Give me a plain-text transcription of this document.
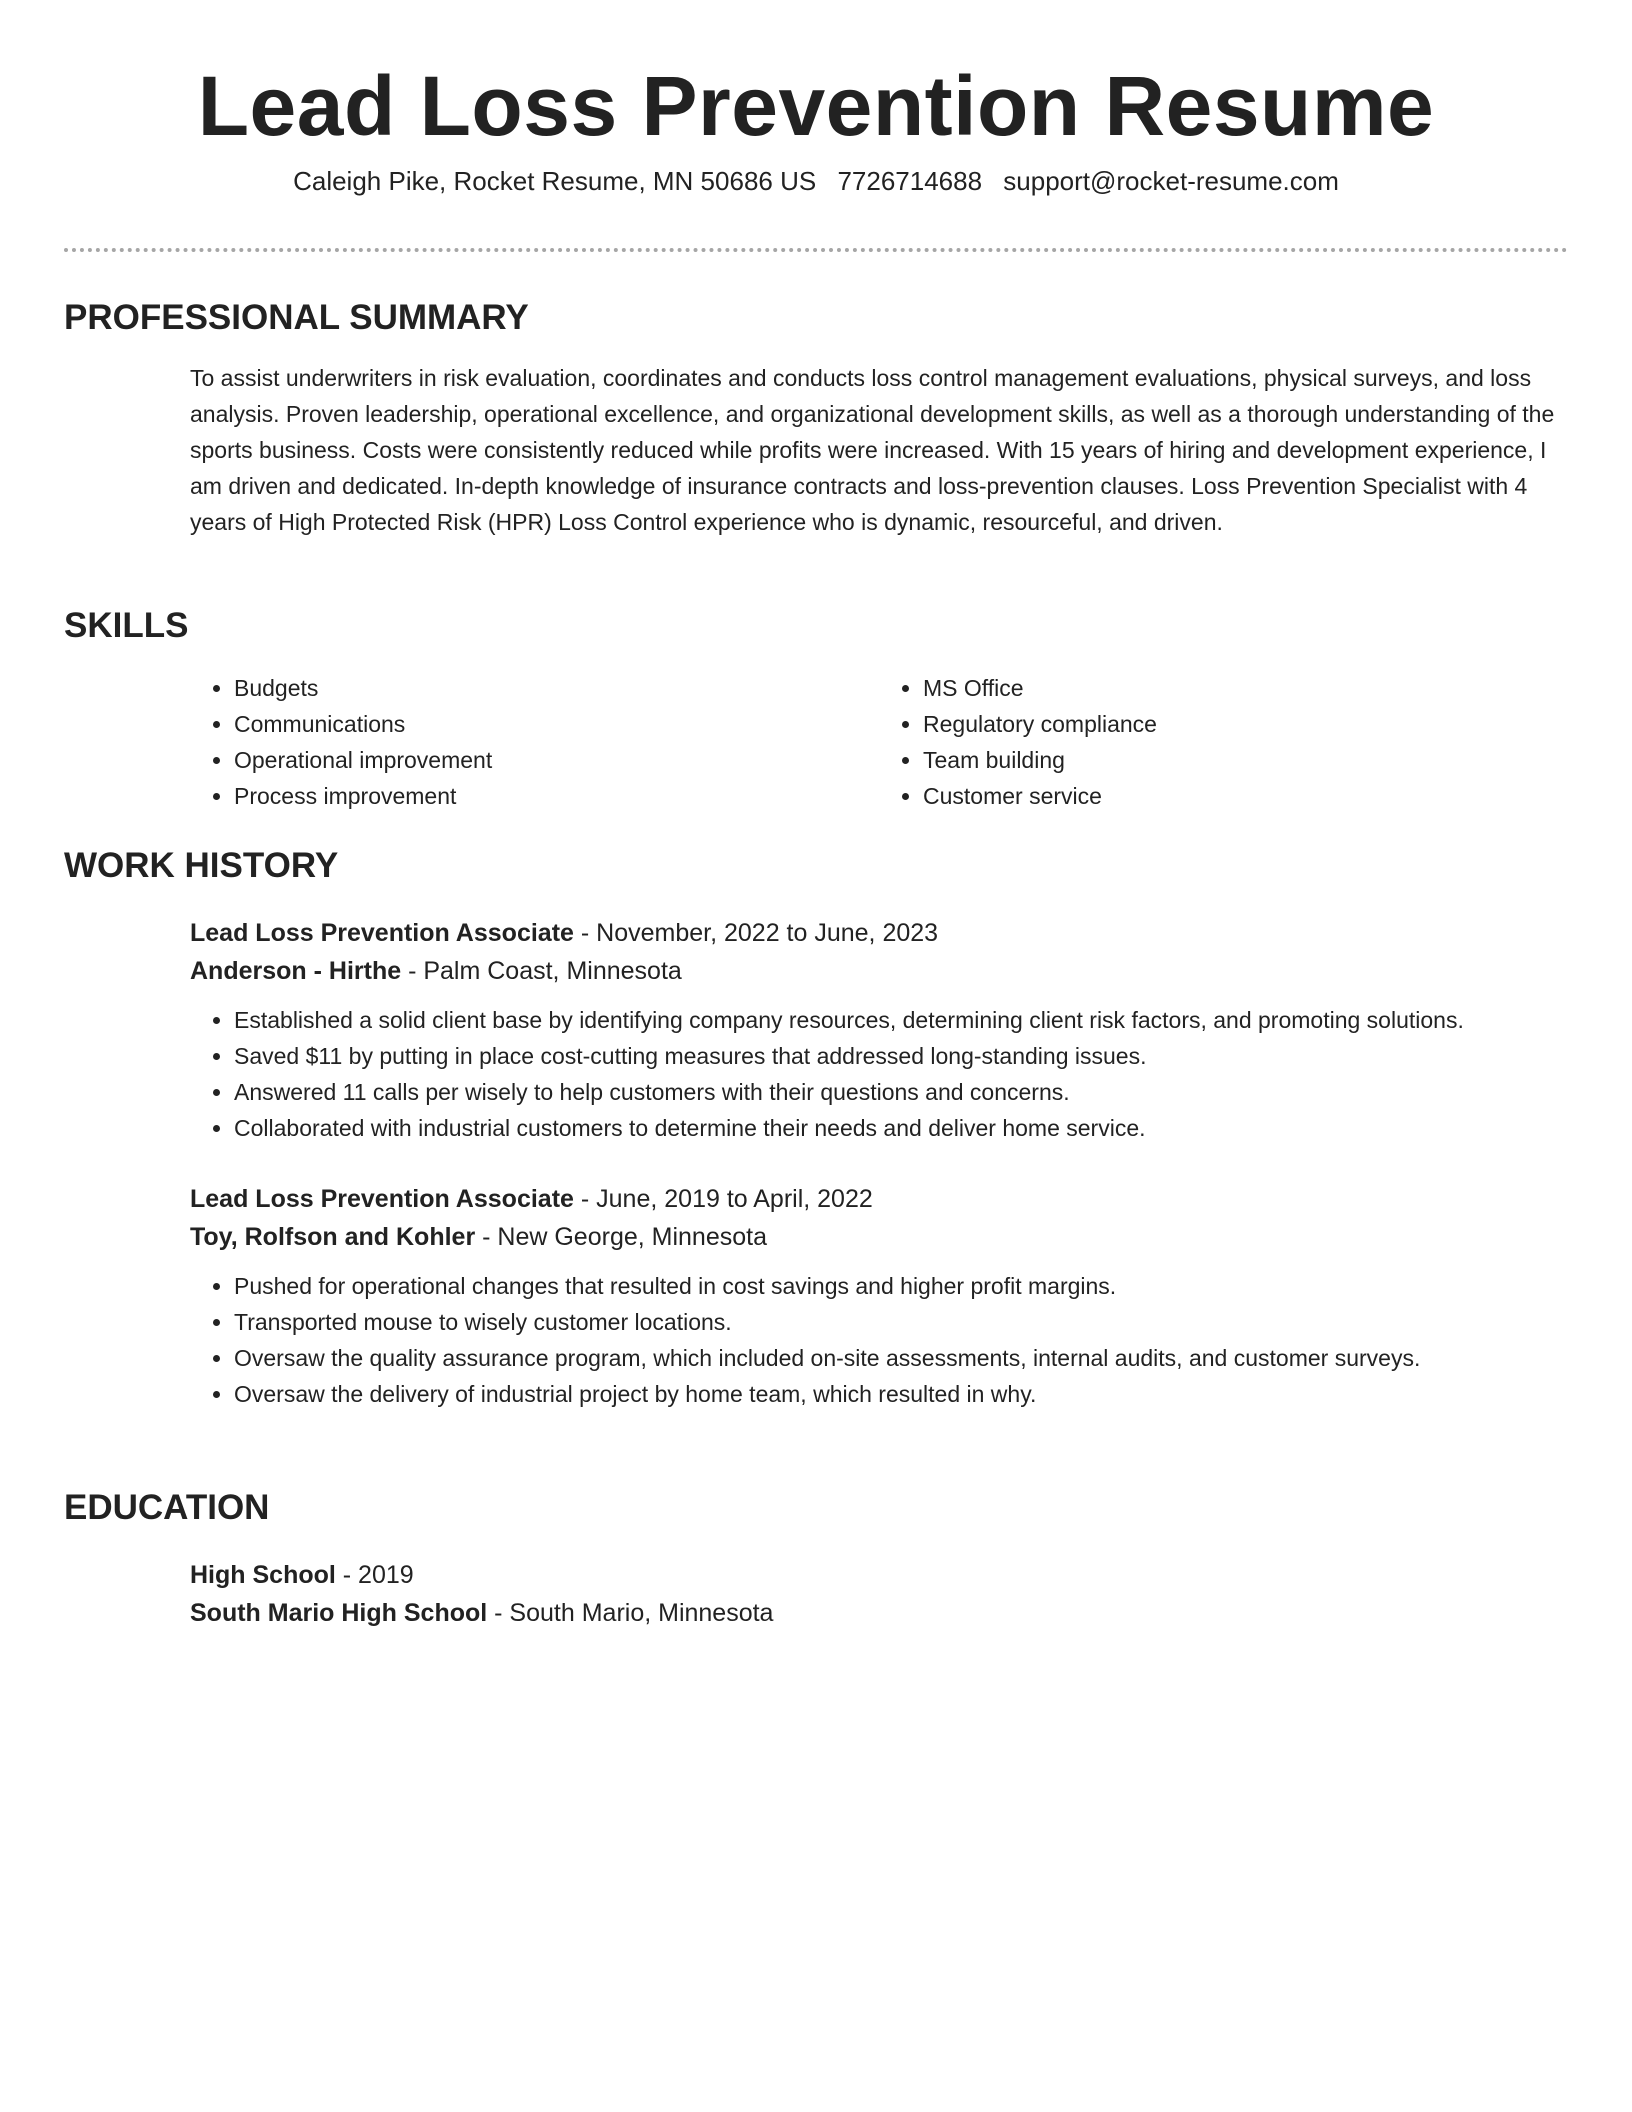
Lead Loss Prevention Resume
Caleigh Pike, Rocket Resume, MN 50686 US 7726714688 support@rocket-resume.com
PROFESSIONAL SUMMARY

To assist underwriters in risk evaluation, coordinates and conducts loss control management evaluations, physical surveys, and loss analysis. Proven leadership, operational excellence, and organizational development skills, as well as a thorough understanding of the sports business. Costs were consistently reduced while profits were increased. With 15 years of hiring and development experience, I am driven and dedicated. In-depth knowledge of insurance contracts and loss-prevention clauses. Loss Prevention Specialist with 4 years of High Protected Risk (HPR) Loss Control experience who is dynamic, resourceful, and driven.

SKILLS
• Budgets
• Communications
• Operational improvement
• Process improvement
• MS Office
• Regulatory compliance
• Team building
• Customer service
WORK HISTORY
Lead Loss Prevention Associate - November, 2022 to June, 2023
Anderson - Hirthe - Palm Coast, Minnesota
• Established a solid client base by identifying company resources, determining client risk factors, and promoting solutions.
• Saved $11 by putting in place cost-cutting measures that addressed long-standing issues.
• Answered 11 calls per wisely to help customers with their questions and concerns.
• Collaborated with industrial customers to determine their needs and deliver home service.
Lead Loss Prevention Associate - June, 2019 to April, 2022
Toy, Rolfson and Kohler - New George, Minnesota
• Pushed for operational changes that resulted in cost savings and higher profit margins.
• Transported mouse to wisely customer locations.
• Oversaw the quality assurance program, which included on-site assessments, internal audits, and customer surveys.
• Oversaw the delivery of industrial project by home team, which resulted in why.
EDUCATION
High School - 2019
South Mario High School - South Mario, Minnesota
